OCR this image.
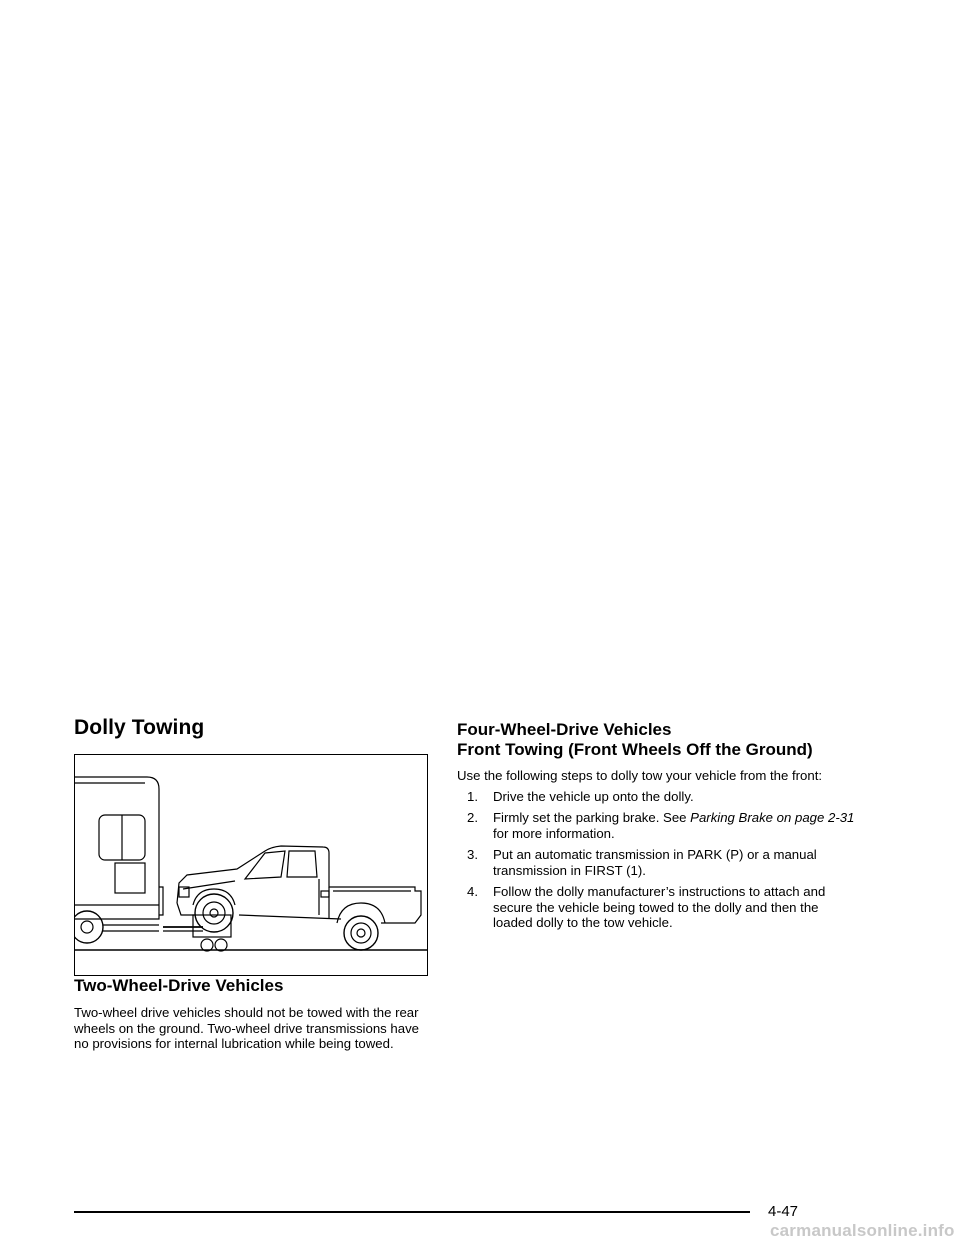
Dolly Towing
Two-Wheel-Drive Vehicles

Two-wheel drive vehicles should not be towed with the rear wheels on the ground. Two-wheel drive transmissions have no provisions for internal lubrication while being towed.

Four-Wheel-Drive Vehicles
Front Towing (Front Wheels Off the Ground)

Use the following steps to dolly tow your vehicle from the front:

1.	Drive the vehicle up onto the dolly.
2.	Firmly set the parking brake. See Parking Brake on page 2-31 for more information.
3.	Put an automatic transmission in PARK (P) or a manual transmission in FIRST (1).
4.	Follow the dolly manufacturer’s instructions to attach and secure the vehicle being towed to the dolly and then the loaded dolly to the tow vehicle.
4-47
carmanualsonline.info
